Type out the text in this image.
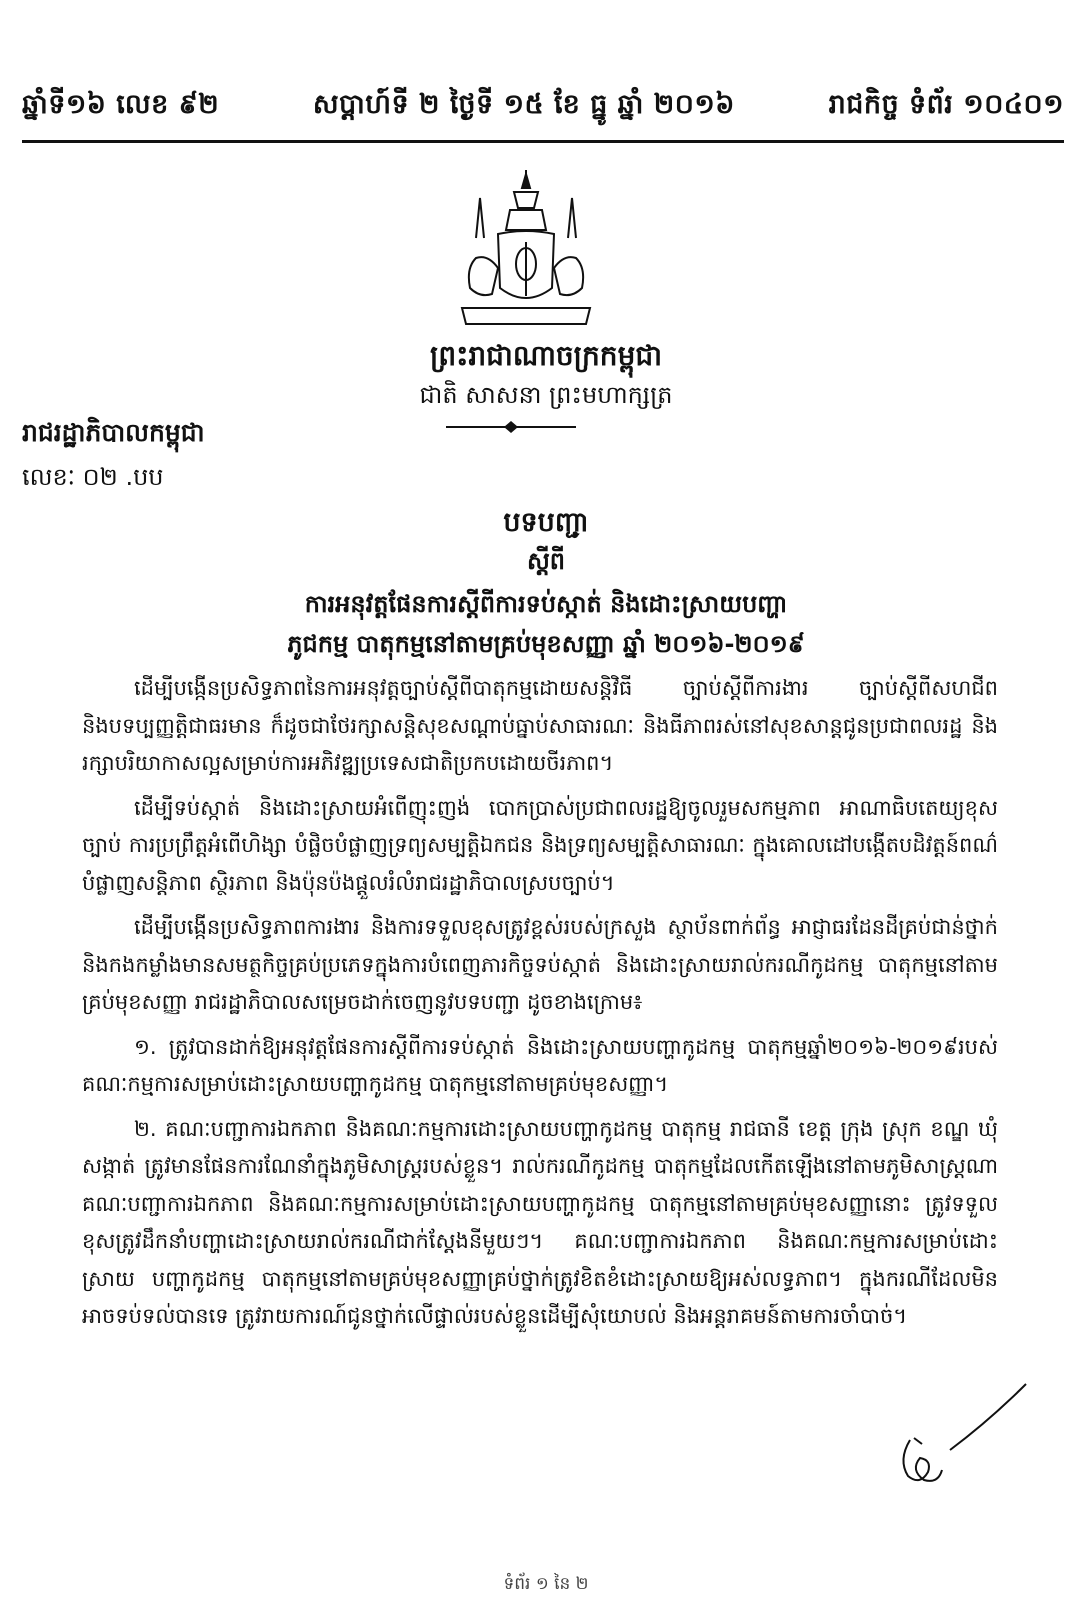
ឆ្នាំទី១៦ លេខ ៩២	សប្តាហ៍ទី ២ ថ្ងៃទី ១៥ ខែ ធ្នូ ឆ្នាំ ២០១៦	រាជកិច្ច ទំព័រ ១០៤០១
ព្រះរាជាណាចក្រកម្ពុជា
ជាតិ សាសនា ព្រះមហាក្សត្រ
រាជរដ្ឋាភិបាលកម្ពុជា
លេខៈ ០២ .បប
បទបញ្ជា
ស្តីពី
ការអនុវត្តផែនការស្តីពីការទប់ស្កាត់ និងដោះស្រាយបញ្ហា
ភូជកម្ម បាតុកម្មនៅតាមគ្រប់មុខសញ្ញា ឆ្នាំ ២០១៦-២០១៩

ដើម្បីបង្កើនប្រសិទ្ធភាពនៃការអនុវត្តច្បាប់ស្តីពីបាតុកម្មដោយសន្តិវិធី ច្បាប់ស្តីពីការងារ ច្បាប់ស្តីពីសហជីព និងបទប្បញ្ញត្តិជាធរមាន ក៏ដូចជាថែរក្សាសន្តិសុខសណ្តាប់ធ្នាប់សាធារណៈ និងធីភាពរស់នៅសុខសាន្តជូនប្រជាពលរដ្ឋ និងរក្សាបរិយាកាសល្អសម្រាប់ការអភិវឌ្ឍប្រទេសជាតិប្រកបដោយចីរភាព។

ដើម្បីទប់ស្កាត់ និងដោះស្រាយអំពើញុះញង់ បោកប្រាស់ប្រជាពលរដ្ឋឱ្យចូលរួមសកម្មភាព អាណាធិបតេយ្យខុសច្បាប់ ការប្រព្រឹត្តអំពើហិង្សា បំផ្លិចបំផ្លាញទ្រព្យសម្បត្តិឯកជន និងទ្រព្យសម្បត្តិសាធារណៈ ក្នុងគោលដៅបង្កើតបដិវត្តន៍ពណ៌ បំផ្លាញសន្តិភាព ស្ថិរភាព និងប៉ុនប៉ងផ្តួលរំលំរាជរដ្ឋាភិបាលស្របច្បាប់។

ដើម្បីបង្កើនប្រសិទ្ធភាពការងារ និងការទទួលខុសត្រូវខ្ពស់របស់ក្រសួង ស្ថាប័នពាក់ព័ន្ធ អាជ្ញាធរដែនដីគ្រប់ជាន់ថ្នាក់ និងកងកម្លាំងមានសមត្ថកិច្ចគ្រប់ប្រភេទក្នុងការបំពេញភារកិច្ចទប់ស្កាត់ និងដោះស្រាយរាល់ករណីកូដកម្ម បាតុកម្មនៅតាមគ្រប់មុខសញ្ញា រាជរដ្ឋាភិបាលសម្រេចដាក់ចេញនូវបទបញ្ជា ដូចខាងក្រោម៖

១. ត្រូវបានដាក់ឱ្យអនុវត្តផែនការស្តីពីការទប់ស្កាត់ និងដោះស្រាយបញ្ហាកូដកម្ម បាតុកម្មឆ្នាំ២០១៦-២០១៩របស់គណៈកម្មការសម្រាប់ដោះស្រាយបញ្ហាកូដកម្ម បាតុកម្មនៅតាមគ្រប់មុខសញ្ញា។

២. គណៈបញ្ជាការឯកភាព និងគណៈកម្មការដោះស្រាយបញ្ហាកូដកម្ម បាតុកម្ម រាជធានី ខេត្ត ក្រុង ស្រុក ខណ្ឌ ឃុំ សង្កាត់ ត្រូវមានផែនការណែនាំក្នុងភូមិសាស្ត្ររបស់ខ្លួន។ រាល់ករណីកូដកម្ម បាតុកម្មដែលកើតឡើងនៅតាមភូមិសាស្ត្រណា គណៈបញ្ជាការឯកភាព និងគណៈកម្មការសម្រាប់ដោះស្រាយបញ្ហាកូដកម្ម បាតុកម្មនៅតាមគ្រប់មុខសញ្ញានោះ ត្រូវទទួលខុសត្រូវដឹកនាំបញ្ហាដោះស្រាយរាល់ករណីជាក់ស្តែងនីមួយៗ។ គណៈបញ្ជាការឯកភាព និងគណៈកម្មការសម្រាប់ដោះស្រាយ បញ្ហាកូដកម្ម បាតុកម្មនៅតាមគ្រប់មុខសញ្ញាគ្រប់ថ្នាក់ត្រូវខិតខំដោះស្រាយឱ្យអស់លទ្ធភាព។ ក្នុងករណីដែលមិនអាចទប់ទល់បានទេ ត្រូវរាយការណ៍ជូនថ្នាក់លើផ្ទាល់របស់ខ្លួនដើម្បីសុំយោបល់ និងអន្តរាគមន៍តាមការចាំបាច់។

ទំព័រ ១ នៃ ២
